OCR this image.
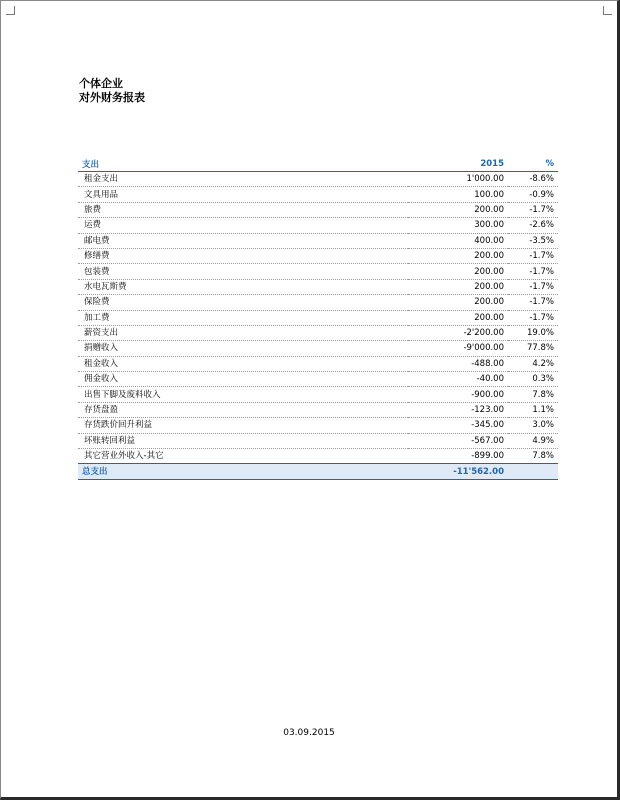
个体企业
对外财务报表
支出	2015	%
租金支出	1'000.00	-8.6%
文具用品	100.00	-0.9%
旅费	200.00	-1.7%
运费	300.00	-2.6%
邮电费	400.00	-3.5%
修缮费	200.00	-1.7%
包装费	200.00	-1.7%
水电瓦斯费	200.00	-1.7%
保险费	200.00	-1.7%
加工费	200.00	-1.7%
薪资支出	-2'200.00	19.0%
捐赠收入	-9'000.00	77.8%
租金收入	-488.00	4.2%
佣金收入	-40.00	0.3%
出售下脚及废料收入	-900.00	7.8%
存货盘盈	-123.00	1.1%
存货跌价回升利益	-345.00	3.0%
坏账转回利益	-567.00	4.9%
其它营业外收入-其它	-899.00	7.8%
总支出	-11'562.00	
03.09.2015
